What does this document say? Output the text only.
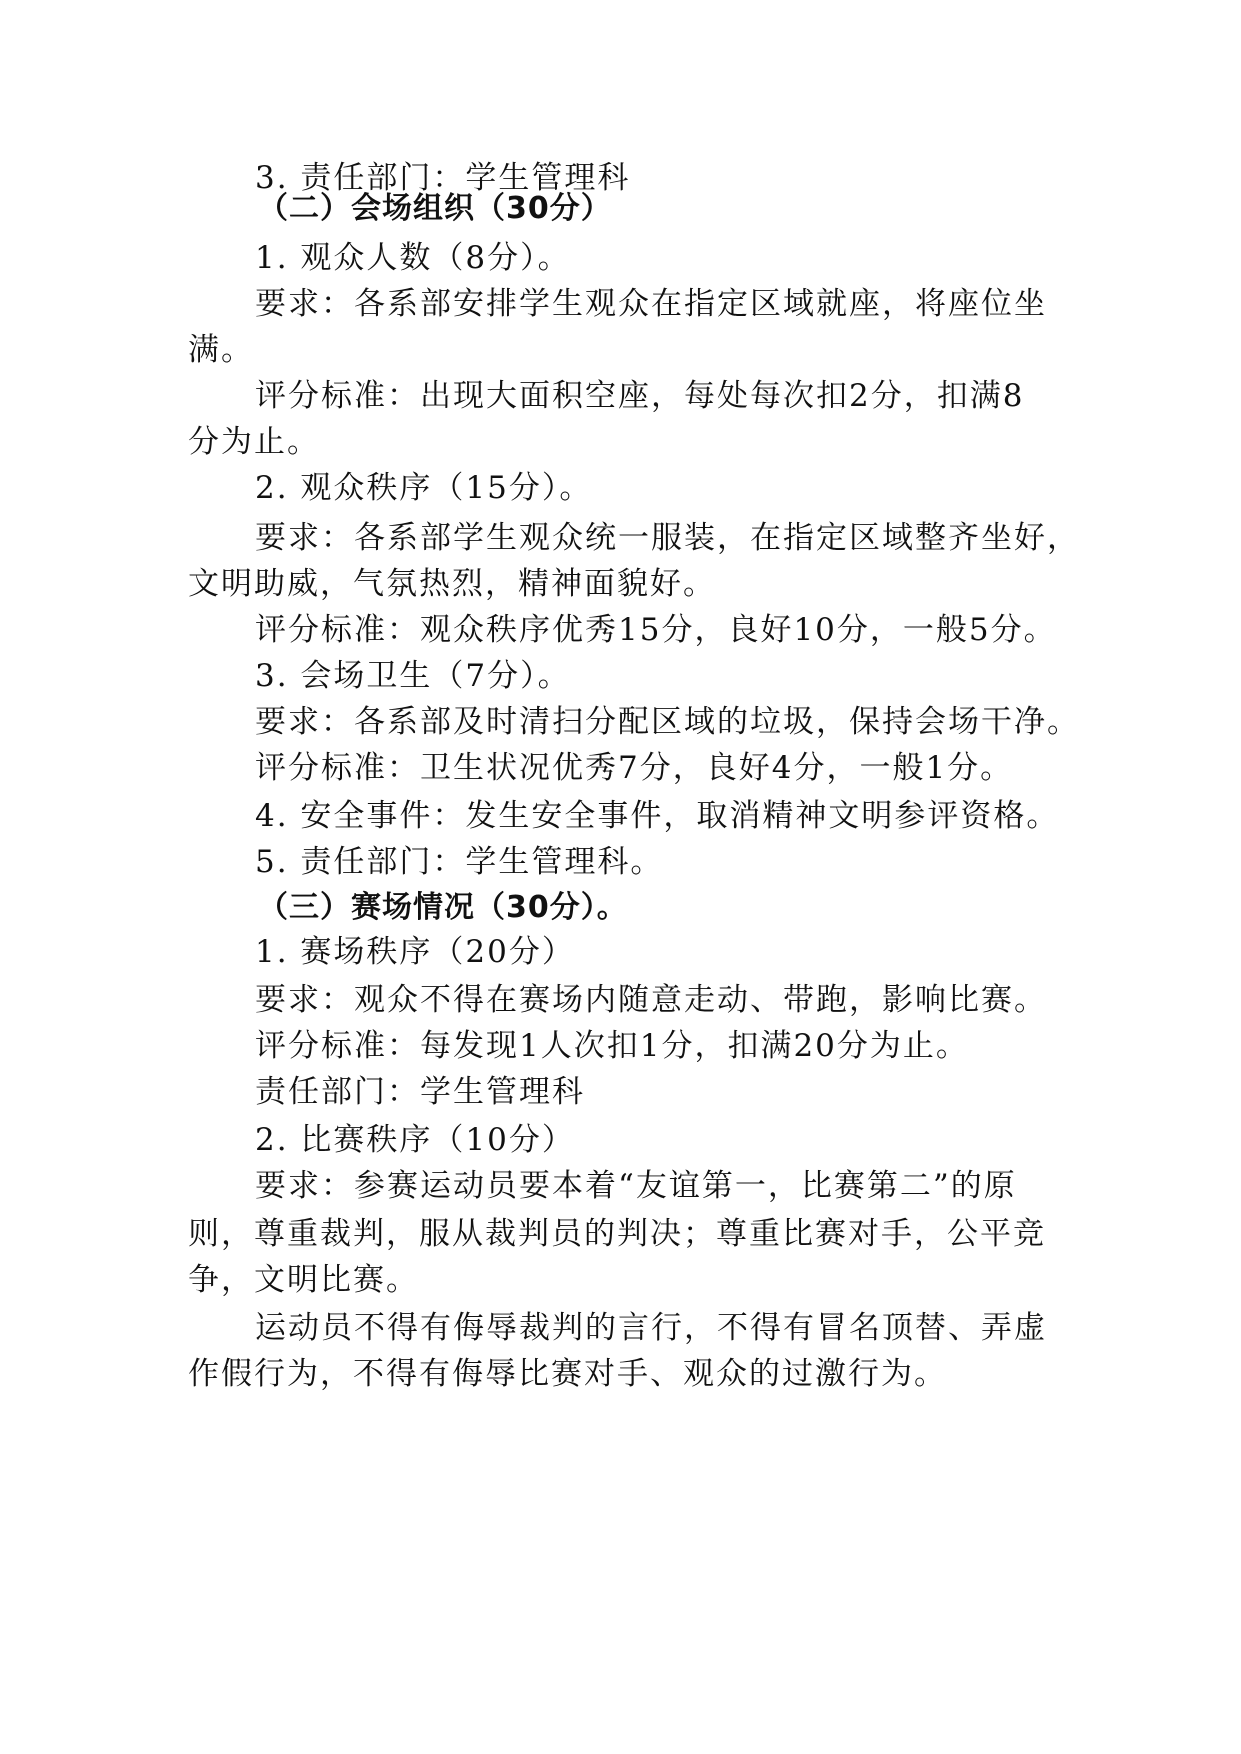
3. 责任部门：学生管理科
（二）会场组织（30分）
1. 观众人数（8分）。
要求：各系部安排学生观众在指定区域就座，将座位坐
满。
评分标准：出现大面积空座，每处每次扣2分，扣满8
分为止。
2. 观众秩序（15分）。
要求：各系部学生观众统一服装，在指定区域整齐坐好，
文明助威，气氛热烈，精神面貌好。
评分标准：观众秩序优秀15分，良好10分，一般5分。
3. 会场卫生（7分）。
要求：各系部及时清扫分配区域的垃圾，保持会场干净。
评分标准：卫生状况优秀7分，良好4分，一般1分。
4. 安全事件：发生安全事件，取消精神文明参评资格。
5. 责任部门：学生管理科。
（三）赛场情况（30分）。
1. 赛场秩序（20分）
要求：观众不得在赛场内随意走动、带跑，影响比赛。
评分标准：每发现1人次扣1分，扣满20分为止。
责任部门：学生管理科
2. 比赛秩序（10分）
要求：参赛运动员要本着“友谊第一，比赛第二”的原
则，尊重裁判，服从裁判员的判决；尊重比赛对手，公平竞
争，文明比赛。
运动员不得有侮辱裁判的言行，不得有冒名顶替、弄虚
作假行为，不得有侮辱比赛对手、观众的过激行为。
